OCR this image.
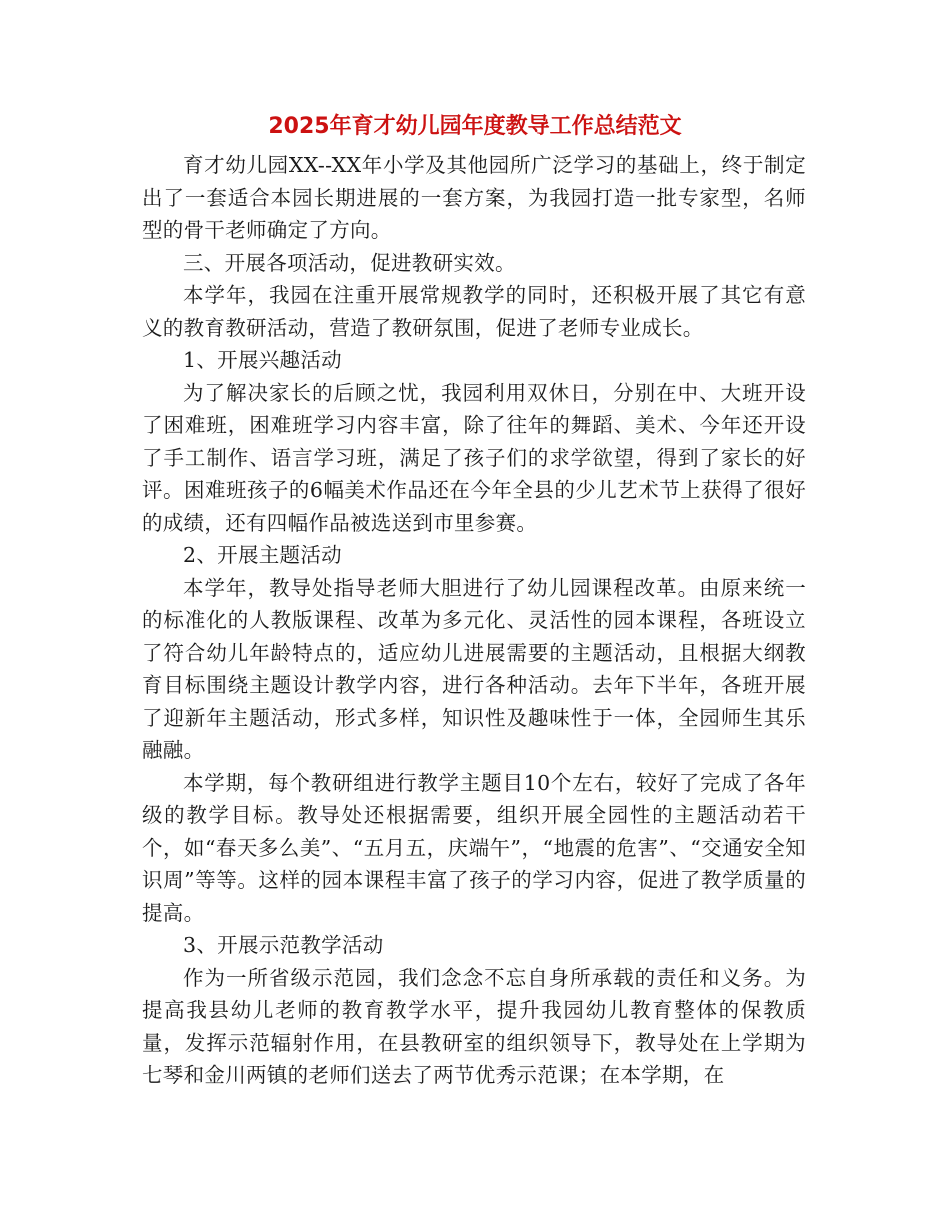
2025年育才幼儿园年度教导工作总结范文

育才幼儿园XX--XX年小学及其他园所广泛学习的基础上，终于制定出了一套适合本园长期进展的一套方案，为我园打造一批专家型，名师型的骨干老师确定了方向。

三、开展各项活动，促进教研实效。

本学年，我园在注重开展常规教学的同时，还积极开展了其它有意义的教育教研活动，营造了教研氛围，促进了老师专业成长。

1、开展兴趣活动

为了解决家长的后顾之忧，我园利用双休日，分别在中、大班开设了困难班，困难班学习内容丰富，除了往年的舞蹈、美术、今年还开设了手工制作、语言学习班，满足了孩子们的求学欲望，得到了家长的好评。困难班孩子的6幅美术作品还在今年全县的少儿艺术节上获得了很好的成绩，还有四幅作品被选送到市里参赛。

2、开展主题活动

本学年，教导处指导老师大胆进行了幼儿园课程改革。由原来统一的标准化的人教版课程、改革为多元化、灵活性的园本课程，各班设立了符合幼儿年龄特点的，适应幼儿进展需要的主题活动，且根据大纲教育目标围绕主题设计教学内容，进行各种活动。去年下半年，各班开展了迎新年主题活动，形式多样，知识性及趣味性于一体，全园师生其乐融融。

本学期，每个教研组进行教学主题目10个左右，较好了完成了各年级的教学目标。教导处还根据需要，组织开展全园性的主题活动若干个，如“春天多么美”、“五月五，庆端午”，“地震的危害”、“交通安全知识周”等等。这样的园本课程丰富了孩子的学习内容，促进了教学质量的提高。

3、开展示范教学活动

作为一所省级示范园，我们念念不忘自身所承载的责任和义务。为提高我县幼儿老师的教育教学水平，提升我园幼儿教育整体的保教质量，发挥示范辐射作用，在县教研室的组织领导下，教导处在上学期为七琴和金川两镇的老师们送去了两节优秀示范课；在本学期，在
